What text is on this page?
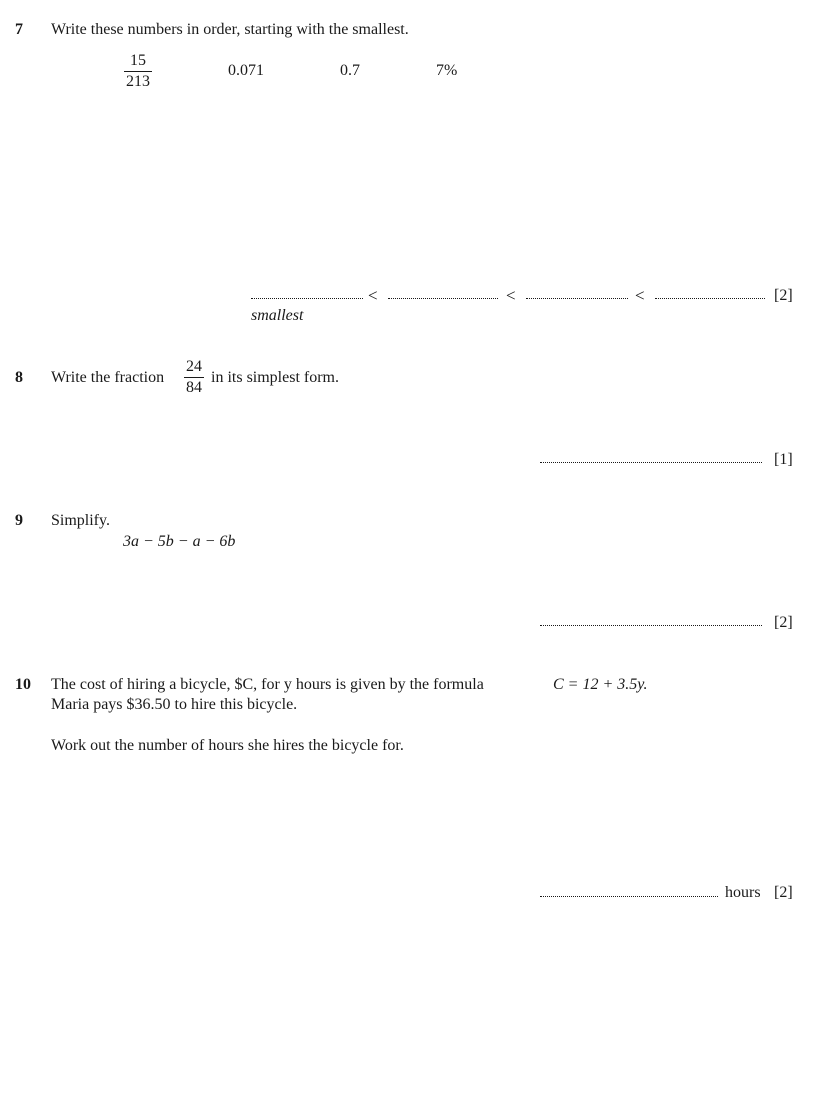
7 Write these numbers in order, starting with the smallest.
15
213
0.071	0.7	7%
<	<	<	[2]
smallest
8 Write the fraction
24
84
in its simplest form.
[1]
9 Simplify.
3a − 5b − a − 6b
[2]
10 The cost of hiring a bicycle, $C, for y hours is given by the formula	C = 12 + 3.5y.
Maria pays $36.50 to hire this bicycle.
Work out the number of hours she hires the bicycle for.
hours [2]
